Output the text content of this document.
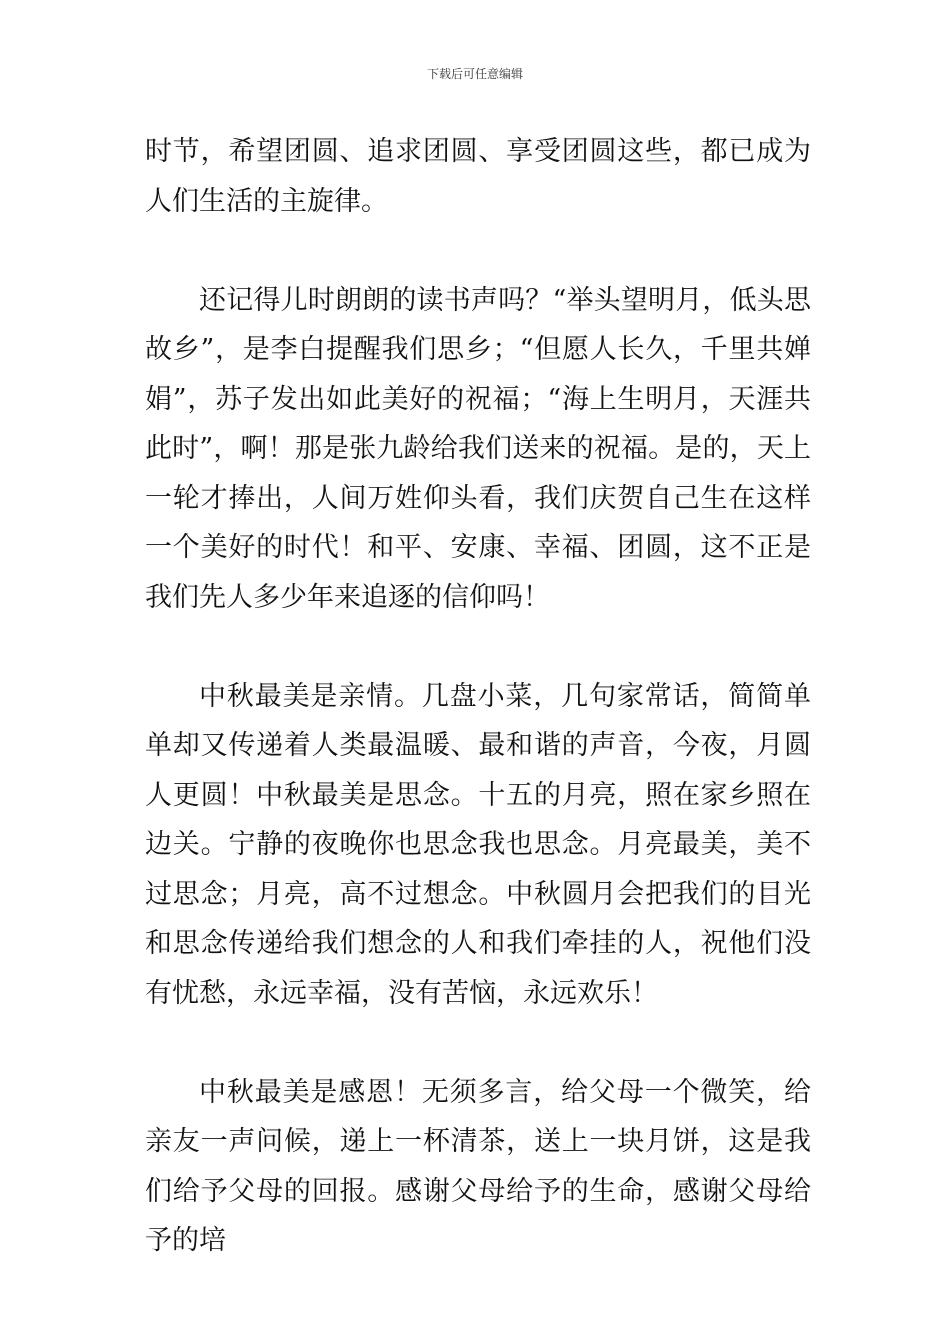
下载后可任意编辑

时节，希望团圆、追求团圆、享受团圆这些，都已成为人们生活的主旋律。

还记得儿时朗朗的读书声吗？“举头望明月，低头思故乡”，是李白提醒我们思乡；“但愿人长久，千里共婵娟”，苏子发出如此美好的祝福；“海上生明月，天涯共此时”，啊！那是张九龄给我们送来的祝福。是的，天上一轮才捧出，人间万姓仰头看，我们庆贺自己生在这样一个美好的时代！和平、安康、幸福、团圆，这不正是我们先人多少年来追逐的信仰吗！

中秋最美是亲情。几盘小菜，几句家常话，简简单单却又传递着人类最温暖、最和谐的声音，今夜，月圆人更圆！中秋最美是思念。十五的月亮，照在家乡照在边关。宁静的夜晚你也思念我也思念。月亮最美，美不过思念；月亮，高不过想念。中秋圆月会把我们的目光和思念传递给我们想念的人和我们牵挂的人，祝他们没有忧愁，永远幸福，没有苦恼，永远欢乐！

中秋最美是感恩！无须多言，给父母一个微笑，给亲友一声问候，递上一杯清茶，送上一块月饼，这是我们给予父母的回报。感谢父母给予的生命，感谢父母给予的培
